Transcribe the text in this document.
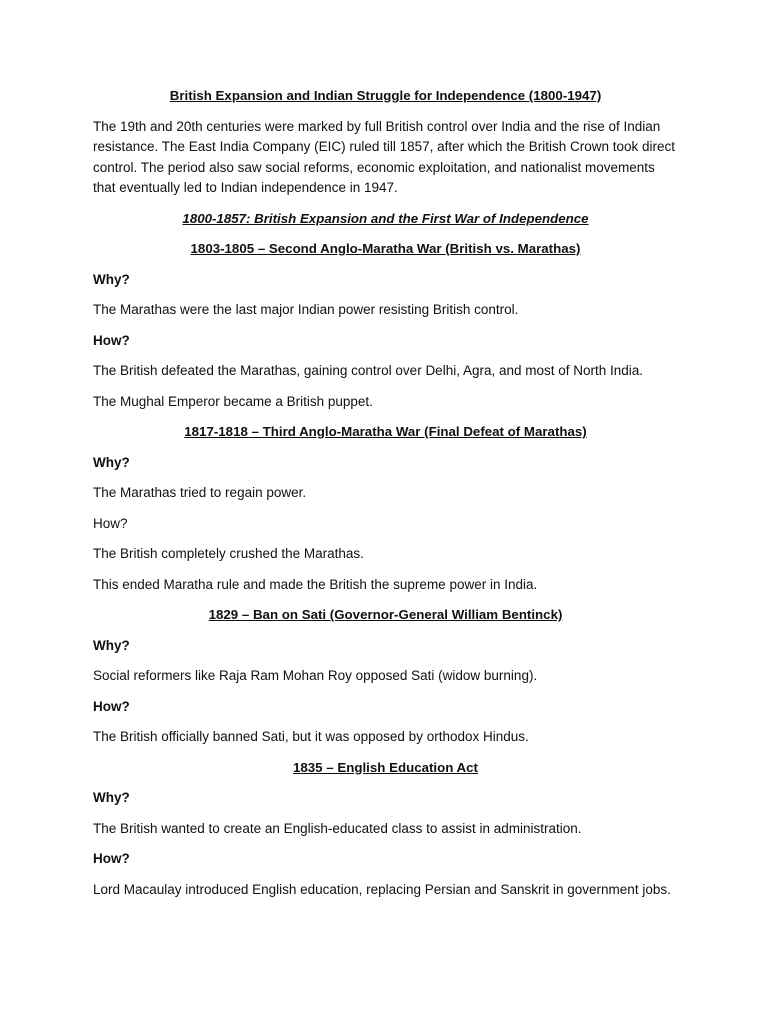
British Expansion and Indian Struggle for Independence (1800-1947)
The 19th and 20th centuries were marked by full British control over India and the rise of Indian resistance. The East India Company (EIC) ruled till 1857, after which the British Crown took direct control. The period also saw social reforms, economic exploitation, and nationalist movements that eventually led to Indian independence in 1947.
1800-1857: British Expansion and the First War of Independence
1803-1805 – Second Anglo-Maratha War (British vs. Marathas)
Why?
The Marathas were the last major Indian power resisting British control.
How?
The British defeated the Marathas, gaining control over Delhi, Agra, and most of North India.
The Mughal Emperor became a British puppet.
1817-1818 – Third Anglo-Maratha War (Final Defeat of Marathas)
Why?
The Marathas tried to regain power.
How?
The British completely crushed the Marathas.
This ended Maratha rule and made the British the supreme power in India.
1829 – Ban on Sati (Governor-General William Bentinck)
Why?
Social reformers like Raja Ram Mohan Roy opposed Sati (widow burning).
How?
The British officially banned Sati, but it was opposed by orthodox Hindus.
1835 – English Education Act
Why?
The British wanted to create an English-educated class to assist in administration.
How?
Lord Macaulay introduced English education, replacing Persian and Sanskrit in government jobs.
